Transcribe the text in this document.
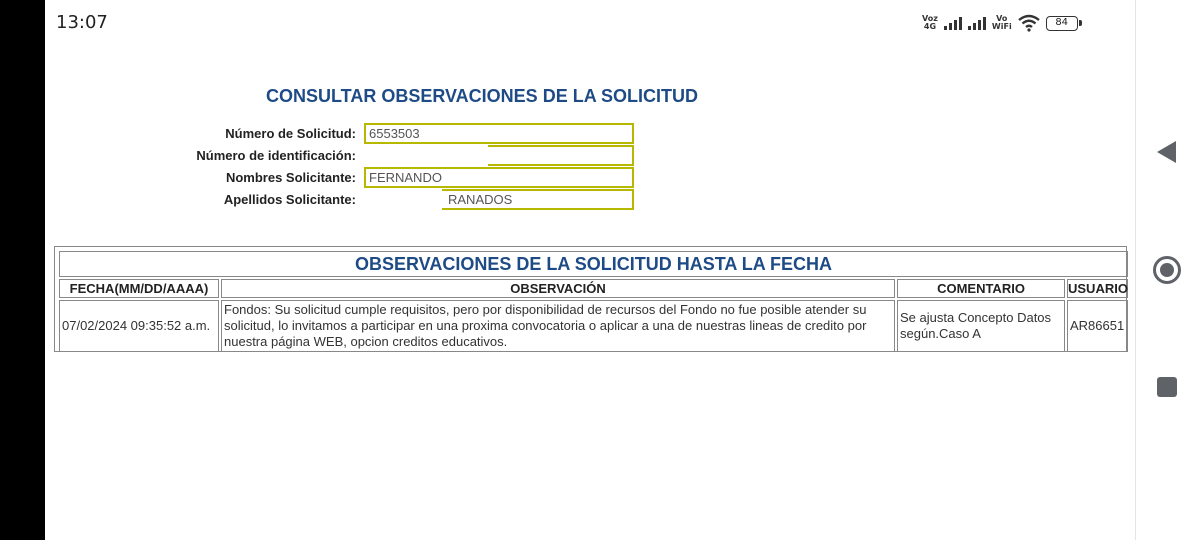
13:07	Voz
4G
Vo
WiFi	84
CONSULTAR OBSERVACIONES DE LA SOLICITUD
Número de Solicitud:	6553503
Número de identificación:
Nombres Solicitante:	FERNANDO
Apellidos Solicitante:	RANADOS
OBSERVACIONES DE LA SOLICITUD HASTA LA FECHA			
FECHA(MM/DD/AAAA)	OBSERVACIÓN	COMENTARIO	USUARIO
07/02/2024 09:35:52 a.m.	Fondos: Su solicitud cumple requisitos, pero por disponibilidad de recursos del Fondo no fue posible atender su solicitud, lo invitamos a participar en una proxima convocatoria o aplicar a una de nuestras lineas de credito por nuestra página WEB, opcion creditos educativos.	Se ajusta Concepto Datos según.Caso A	AR86651
